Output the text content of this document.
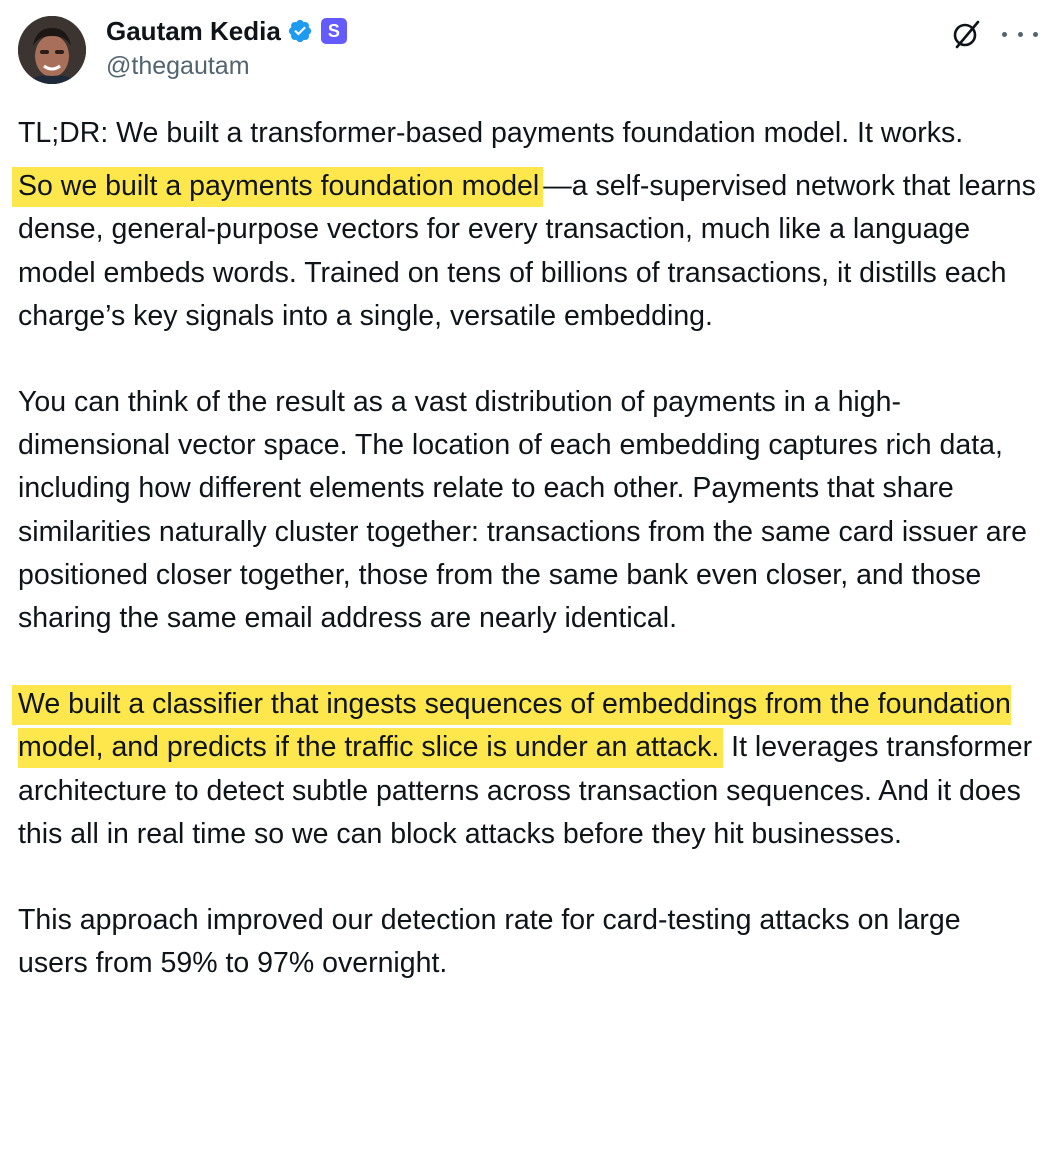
Gautam Kedia	S
@thegautam

TL;DR: We built a transformer-based payments foundation model. It works.

So we built a payments foundation model —a self-supervised network that learns dense, general-purpose vectors for every transaction, much like a language model embeds words. Trained on tens of billions of transactions, it distills each charge’s key signals into a single, versatile embedding.

You can think of the result as a vast distribution of payments in a high-dimensional vector space. The location of each embedding captures rich data, including how different elements relate to each other. Payments that share similarities naturally cluster together: transactions from the same card issuer are positioned closer together, those from the same bank even closer, and those sharing the same email address are nearly identical.

We built a classifier that ingests sequences of embeddings from the foundation model, and predicts if the traffic slice is under an attack. It leverages transformer architecture to detect subtle patterns across transaction sequences. And it does this all in real time so we can block attacks before they hit businesses.

This approach improved our detection rate for card-testing attacks on large users from 59% to 97% overnight.
